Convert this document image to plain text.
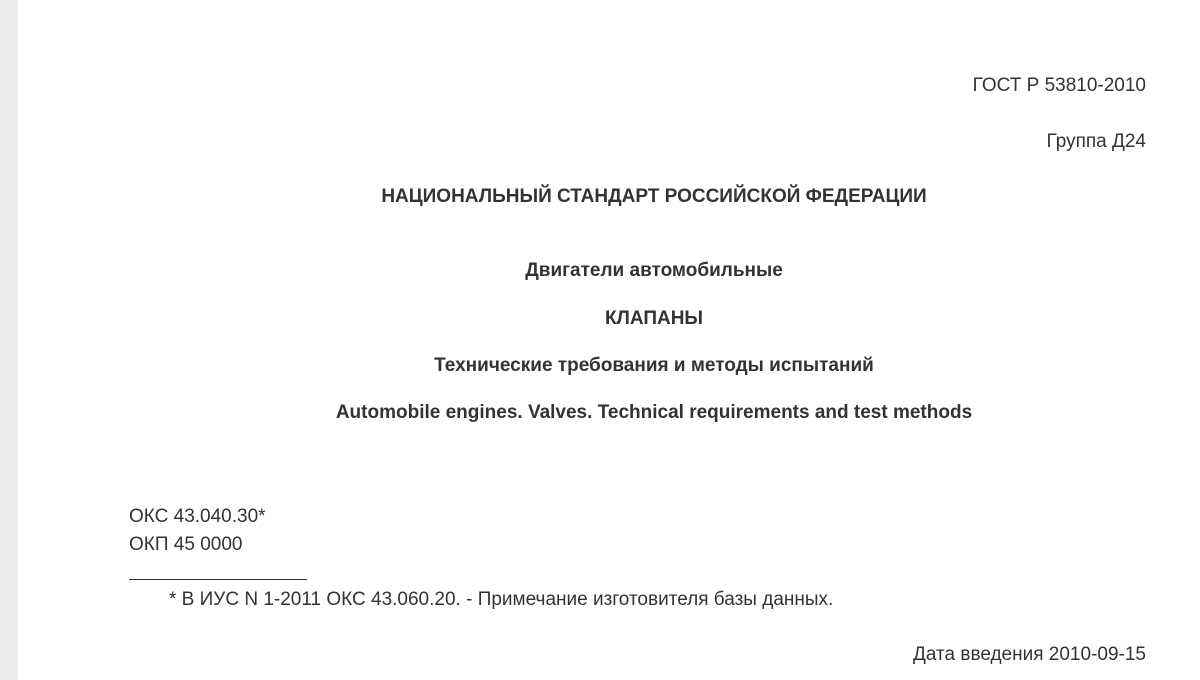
ГОСТ Р 53810-2010
Группа Д24
НАЦИОНАЛЬНЫЙ СТАНДАРТ РОССИЙСКОЙ ФЕДЕРАЦИИ
Двигатели автомобильные
КЛАПАНЫ
Технические требования и методы испытаний
Automobile engines. Valves. Technical requirements and test methods
ОКС 43.040.30*
ОКП 45 0000
* В ИУС N 1-2011 ОКС 43.060.20. - Примечание изготовителя базы данных.
Дата введения 2010-09-15
